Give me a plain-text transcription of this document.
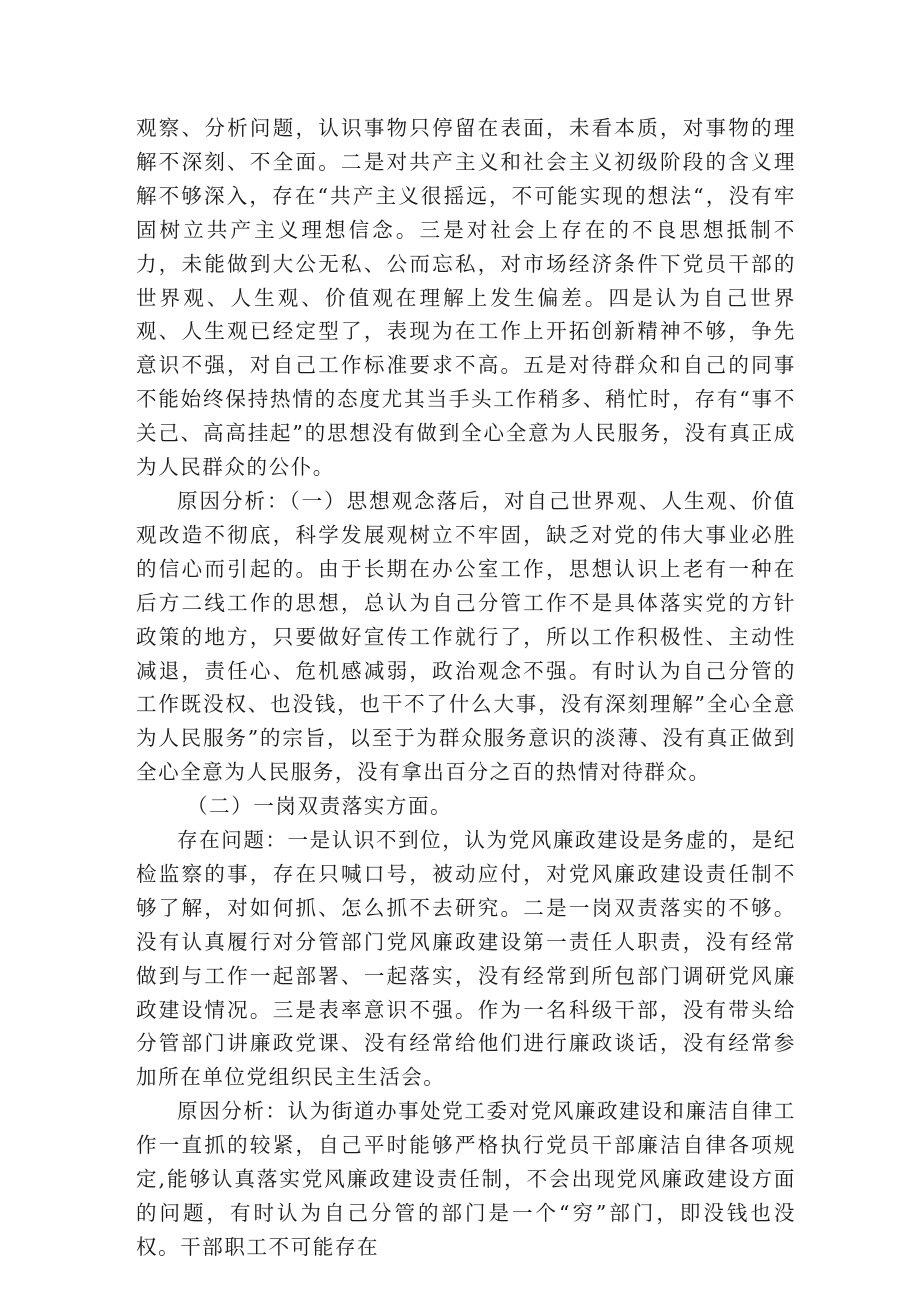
观察、分析问题，认识事物只停留在表面，未看本质，对事物的理解不深刻、不全面。二是对共产主义和社会主义初级阶段的含义理解不够深入，存在“共产主义很摇远，不可能实现的想法“，没有牢固树立共产主义理想信念。三是对社会上存在的不良思想抵制不力，未能做到大公无私、公而忘私，对市场经济条件下党员干部的世界观、人生观、价值观在理解上发生偏差。四是认为自己世界观、人生观已经定型了，表现为在工作上开拓创新精神不够，争先意识不强，对自己工作标准要求不高。五是对待群众和自己的同事不能始终保持热情的态度尤其当手头工作稍多、稍忙时，存有“事不关己、高高挂起”的思想没有做到全心全意为人民服务，没有真正成为人民群众的公仆。

原因分析：（一）思想观念落后，对自己世界观、人生观、价值观改造不彻底，科学发展观树立不牢固，缺乏对党的伟大事业必胜的信心而引起的。由于长期在办公室工作，思想认识上老有一种在后方二线工作的思想，总认为自己分管工作不是具体落实党的方针政策的地方，只要做好宣传工作就行了，所以工作积极性、主动性减退，责任心、危机感减弱，政治观念不强。有时认为自己分管的工作既没权、也没钱，也干不了什么大事，没有深刻理解”全心全意为人民服务”的宗旨，以至于为群众服务意识的淡薄、没有真正做到全心全意为人民服务，没有拿出百分之百的热情对待群众。

（二）一岗双责落实方面。

存在问题：一是认识不到位，认为党风廉政建设是务虚的，是纪检监察的事，存在只喊口号，被动应付，对党风廉政建设责任制不够了解，对如何抓、怎么抓不去研究。二是一岗双责落实的不够。没有认真履行对分管部门党风廉政建设第一责任人职责，没有经常做到与工作一起部署、一起落实，没有经常到所包部门调研党风廉政建设情况。三是表率意识不强。作为一名科级干部，没有带头给分管部门讲廉政党课、没有经常给他们进行廉政谈话，没有经常参加所在单位党组织民主生活会。

原因分析：认为街道办事处党工委对党风廉政建设和廉洁自律工作一直抓的较紧，自己平时能够严格执行党员干部廉洁自律各项规定,能够认真落实党风廉政建设责任制，不会出现党风廉政建设方面的问题，有时认为自己分管的部门是一个“穷”部门，即没钱也没权。干部职工不可能存在
